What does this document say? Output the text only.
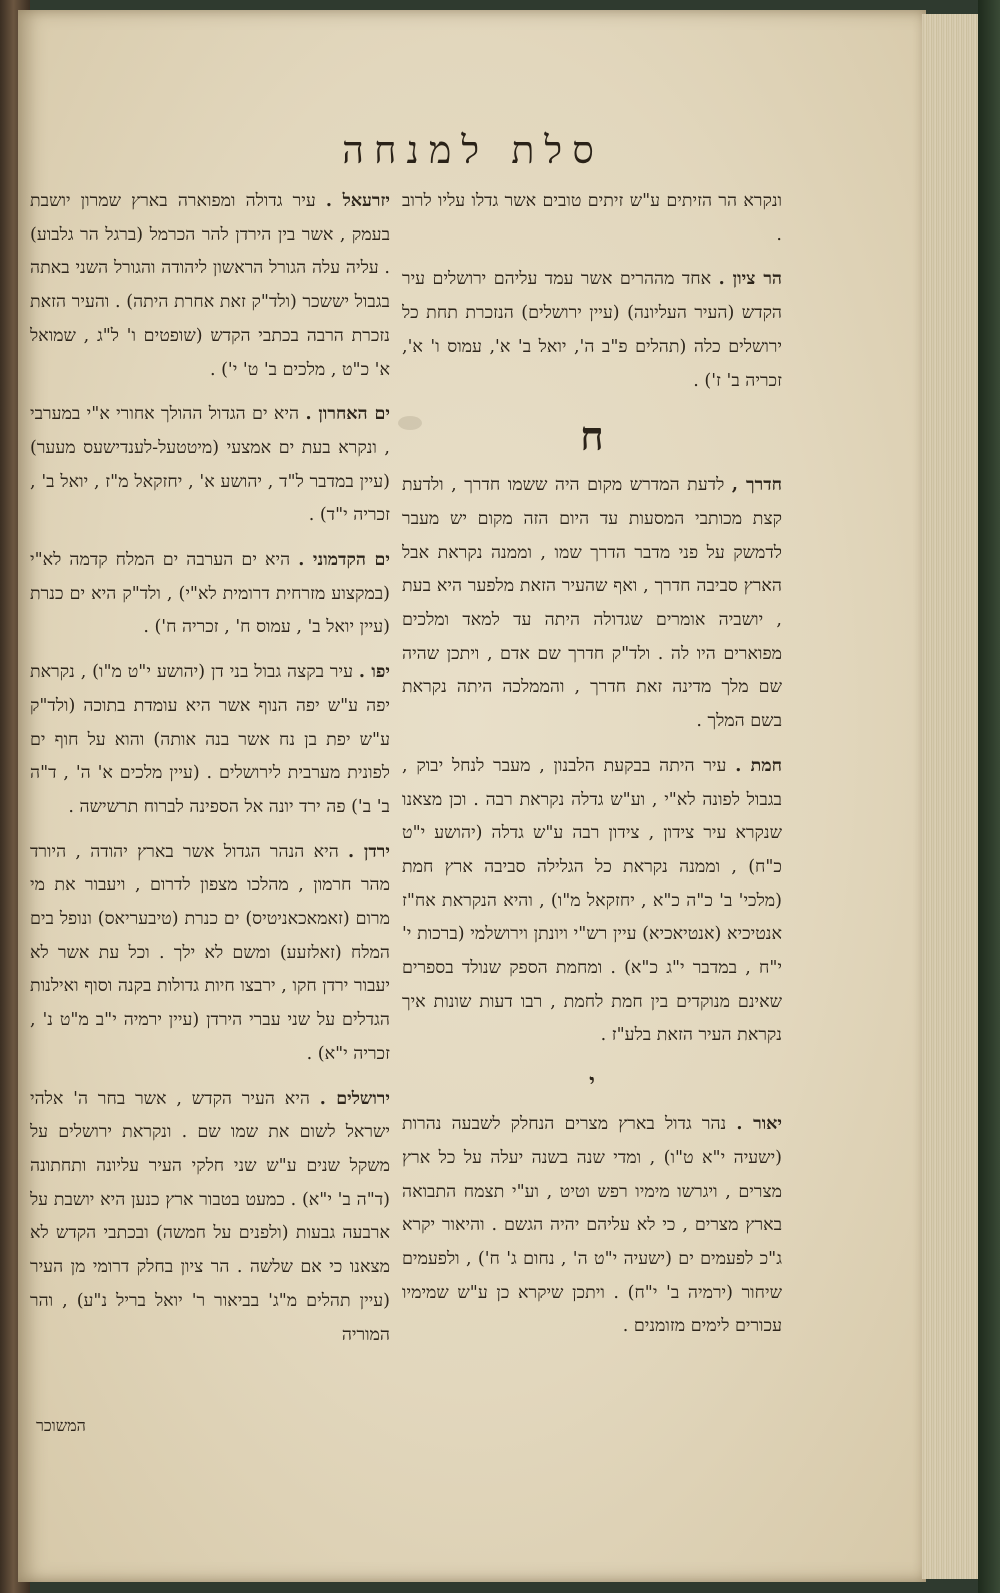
סלת למנחה

ונקרא הר הזיתים ע"ש זיתים טובים אשר גדלו עליו לרוב .

הר ציון . אחד מההרים אשר עמד עליהם ירושלים עיר הקדש (העיר העליונה) (עיין ירושלים) הנזכרת תחת כל ירושלים כלה (תהלים פ"ב ה', יואל ב' א', עמוס ו' א', זכריה ב' ז') .

ח

חדרך , לדעת המדרש מקום היה ששמו חדרך , ולדעת קצת מכותבי המסעות עד היום הזה מקום יש מעבר לדמשק על פני מדבר הדרך שמו , וממנה נקראת אבל הארץ סביבה חדרך , ואף שהעיר הזאת מלפער היא בעת , יושביה אומרים שגדולה היתה עד למאד ומלכים מפוארים היו לה . ולד"ק חדרך שם אדם , ויתכן שהיה שם מלך מדינה זאת חדרך , והממלכה היתה נקראת בשם המלך .

חמת . עיר היתה בבקעת הלבנון , מעבר לנחל יבוק , בגבול לפונה לא"י , וע"ש גדלה נקראת רבה . וכן מצאנו שנקרא עיר צידון , צידון רבה ע"ש גדלה (יהושע י"ט כ"ח) , וממנה נקראת כל הגלילה סביבה ארץ חמת (מלכי' ב' כ"ה כ"א , יחזקאל מ"ו) , והיא הנקראת אח"ז אנטיכיא (אנטיאכיא) עיין רש"י ויונתן וירושלמי (ברכות י' י"ח , במדבר י"ג כ"א) . ומחמת הספק שנולד בספרים שאינם מנוקדים בין חמת לחמת , רבו דעות שונות איך נקראת העיר הזאת בלע"ז .

י

יאור . נהר גדול בארץ מצרים הנחלק לשבעה נהרות (ישעיה י"א ט"ו) , ומדי שנה בשנה יעלה על כל ארץ מצרים , ויגרשו מימיו רפש וטיט , וע"י תצמח התבואה בארץ מצרים , כי לא עליהם יהיה הגשם . והיאור יקרא ג"כ לפעמים ים (ישעיה י"ט ה' , נחום ג' ח') , ולפעמים שיחור (ירמיה ב' י"ח) . ויתכן שיקרא כן ע"ש שמימיו עכורים לימים מזומנים .

יזרעאל . עיר גדולה ומפוארה בארץ שמרון יושבת בעמק , אשר בין הירדן להר הכרמל (ברגל הר גלבוע) . עליה עלה הגורל הראשון ליהודה והגורל השני באתה בגבול יששכר (ולד"ק זאת אחרת היתה) . והעיר הזאת נזכרת הרבה בכתבי הקדש (שופטים ו' ל"ג , שמואל א' כ"ט , מלכים ב' ט' י') .

ים האחרון . היא ים הגדול ההולך אחורי א"י במערבי , ונקרא בעת ים אמצעי (מיטטעל-לענדישעס מעער) (עיין במדבר ל"ד , יהושע א' , יחזקאל מ"ז , יואל ב' , זכריה י"ד) .

ים הקדמוני . היא ים הערבה ים המלח קדמה לא"י (במקצוע מזרחית דרומית לא"י) , ולד"ק היא ים כנרת (עיין יואל ב' , עמוס ח' , זכריה ח') .

יפו . עיר בקצה גבול בני דן (יהושע י"ט מ"ו) , נקראת יפה ע"ש יפה הנוף אשר היא עומדת בתוכה (ולד"ק ע"ש יפת בן נח אשר בנה אותה) והוא על חוף ים לפונית מערבית לירושלים . (עיין מלכים א' ה' , ד"ה ב' ב') פה ירד יונה אל הספינה לברוח תרשישה .

ירדן . היא הנהר הגדול אשר בארץ יהודה , היורד מהר חרמון , מהלכו מצפון לדרום , ויעבור את מי מרום (זאמאכאניטיס) ים כנרת (טיבעריאס) ונופל בים המלח (זאלזעע) ומשם לא ילך . וכל עת אשר לא יעבור ירדן חקו , ירבצו חיות גדולות בקנה וסוף ואילנות הגדלים על שני עברי הירדן (עיין ירמיה י"ב מ"ט נ' , זכריה י"א) .

ירושלים . היא העיר הקדש , אשר בחר ה' אלהי ישראל לשום את שמו שם . ונקראת ירושלים על משקל שנים ע"ש שני חלקי העיר עליונה ותחתונה (ד"ה ב' י"א) . כמעט בטבור ארץ כנען היא יושבת על ארבעה גבעות (ולפנים על חמשה) ובכתבי הקדש לא מצאנו כי אם שלשה . הר ציון בחלק דרומי מן העיר (עיין תהלים מ"ג' בביאור ר' יואל בריל נ"ע) , והר המוריה

המשוכר
